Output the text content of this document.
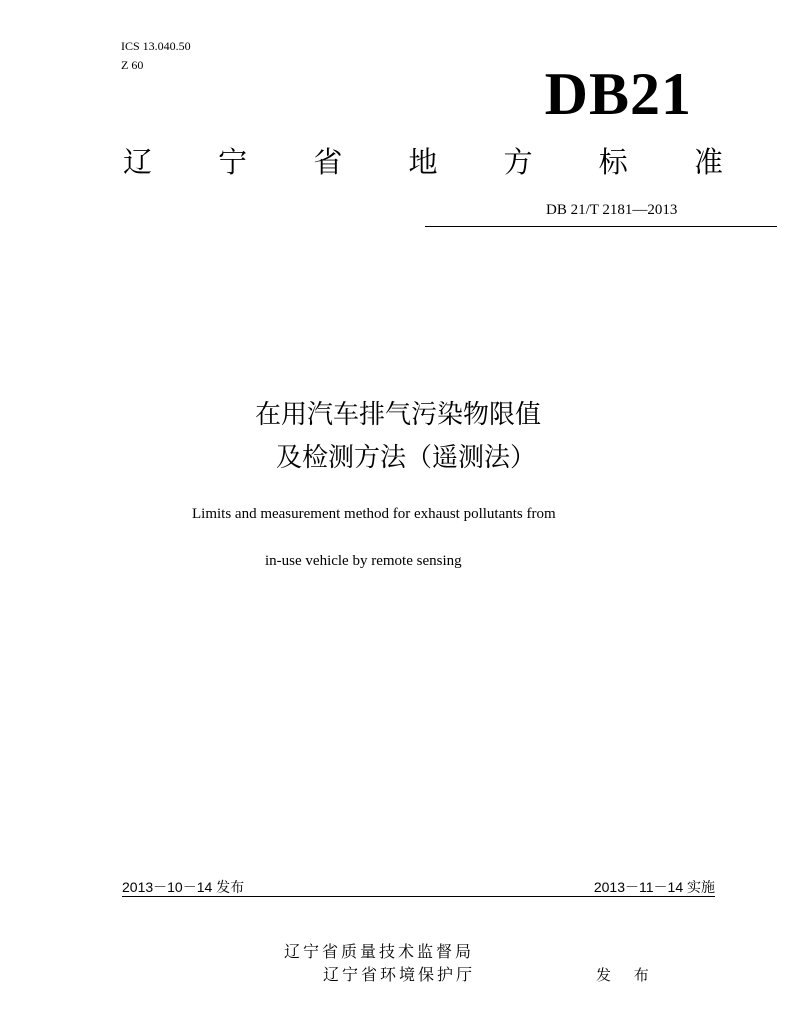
ICS 13.040.50
Z 60	DB21
辽 宁 省 地 方 标 准
DB 21/T 2181—2013
在用汽车排气污染物限值
及检测方法（遥测法）
Limits and measurement method for exhaust pollutants from
in-use vehicle by remote sensing
2013－10－14 发布	2013－11－14 实施
辽宁省质量技术监督局
辽宁省环境保护厅	发 布
